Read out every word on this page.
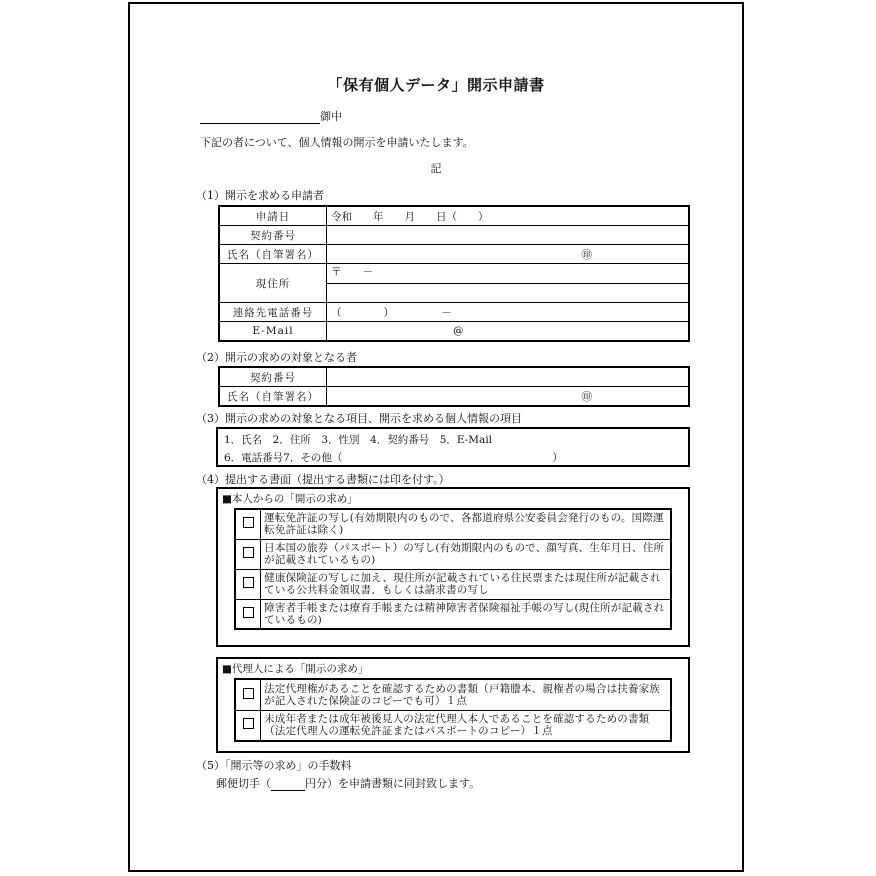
「保有個人データ」開示申請書
御中
下記の者について、個人情報の開示を申請いたします。
記
（1）開示を求める申請者
申請日	令和　　年　　月　　日（　　）
契約番号	
氏名（自筆署名）	㊞
現住所	〒　　－

連絡先電話番号	（　　　　）　　　　　－
E-Mail	@
（2）開示の求めの対象となる者
契約番号	
氏名（自筆署名）	㊞
（3）開示の求めの対象となる項目、開示を求める個人情報の項目
1．氏名　2．住所　3．性別　4．契約番号　5．E-Mail
6．電話番号7．その他（　　　　　　　　　　　　　　　　　　　　）
（4）提出する書面（提出する書類には印を付す。）
■本人からの「開示の求め」
	運転免許証の写し(有効期限内のもので、各都道府県公安委員会発行のもの。国際運転免許証は除く)
	日本国の旅券（パスポート）の写し(有効期限内のもので、顔写真、生年月日、住所が記載されているもの)
	健康保険証の写しに加え、現住所が記載されている住民票または現住所が記載されている公共料金領収書、もしくは請求書の写し
	障害者手帳または療育手帳または精神障害者保険福祉手帳の写し(現住所が記載されているもの)
■代理人による「開示の求め」
	法定代理権があることを確認するための書類（戸籍謄本、親権者の場合は扶養家族が記入された保険証のコピーでも可）１点
	未成年者または成年被後見人の法定代理人本人であることを確認するための書類（法定代理人の運転免許証またはパスポートのコピー）１点
（5）「開示等の求め」の手数料
郵便切手（	円分）を申請書類に同封致します。
